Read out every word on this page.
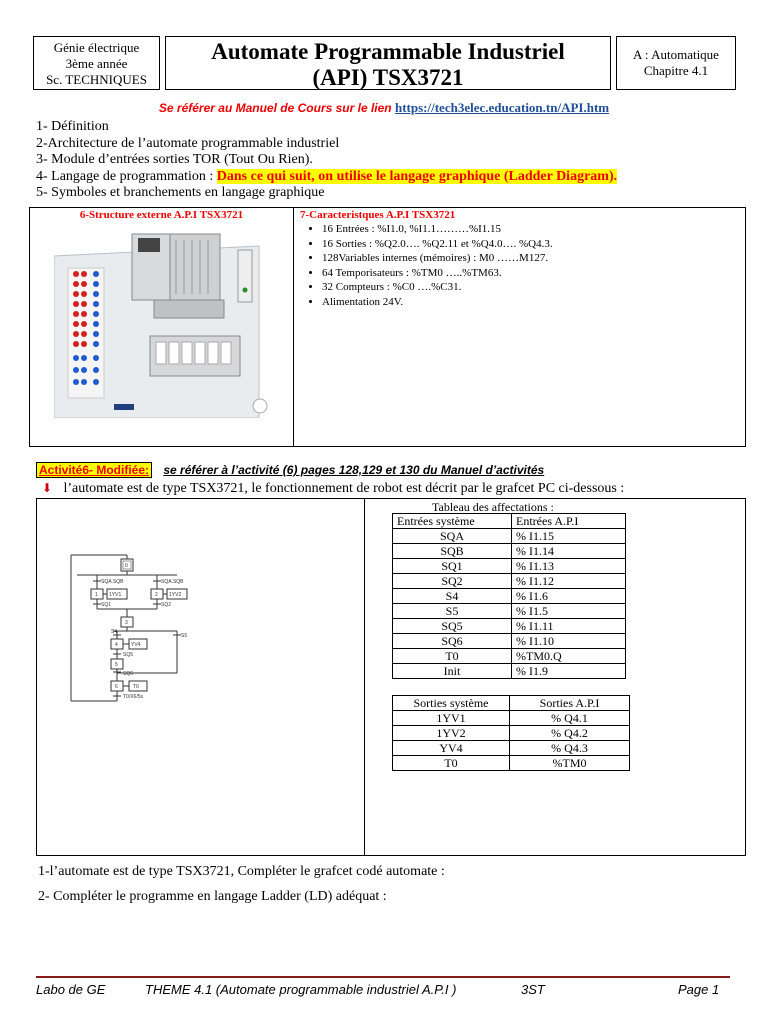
Génie électrique
3ème année
Sc. TECHNIQUES
Automate Programmable Industriel
(API) TSX3721
A : Automatique
Chapitre 4.1
Se référer au Manuel de Cours sur le lien https://tech3elec.education.tn/API.htm
1- Définition
2-Architecture de l’automate programmable industriel
3- Module d’entrées sorties TOR (Tout Ou Rien).
4- Langage de programmation : Dans ce qui suit, on utilise le langage graphique (Ladder Diagram).
5- Symboles et branchements en langage graphique
6-Structure externe A.P.I TSX3721	7-Caracteristques A.P.I TSX3721
• 16 Entrées : %I1.0, %I1.1………%I1.15
• 16 Sorties : %Q2.0…. %Q2.11 et %Q4.0…. %Q4.3.
• 128Variables internes (mémoires) : M0 ……M127.
• 64 Temporisateurs : %TM0 …..%TM63.
• 32 Compteurs : %C0 ….%C31.
• Alimentation 24V.
Activité6- Modifiée: se référer à l’activité (6) pages 128,129 et 130 du Manuel d’activités
⬇ l’automate est de type TSX3721, le fonctionnement de robot est décrit par le grafcet PC ci-dessous :
0
SQA.SQB
1 1YV1
SQ1
SQA.SQB
2 1YV2
SQ2
3
S4
S5
4	YV4
SQ5
5
SQ6
6	T0
T0/X6/5s
Tableau des affectations :
Entrées système	Entrées A.P.I
SQA	% I1.15
SQB	% I1.14
SQ1	% I1.13
SQ2	% I1.12
S4	% I1.6
S5	% I1.5
SQ5	% I1.11
SQ6	% I1.10
T0	%TM0.Q
Init	% I1.9
Sorties système	Sorties A.P.I
1YV1	% Q4.1
1YV2	% Q4.2
YV4	% Q4.3
T0	%TM0
1-l’automate est de type TSX3721, Compléter le grafcet codé automate :
2- Compléter le programme en langage Ladder (LD) adéquat :
Labo de GE	THEME 4.1 (Automate programmable industriel A.P.I )	3ST	Page 1
